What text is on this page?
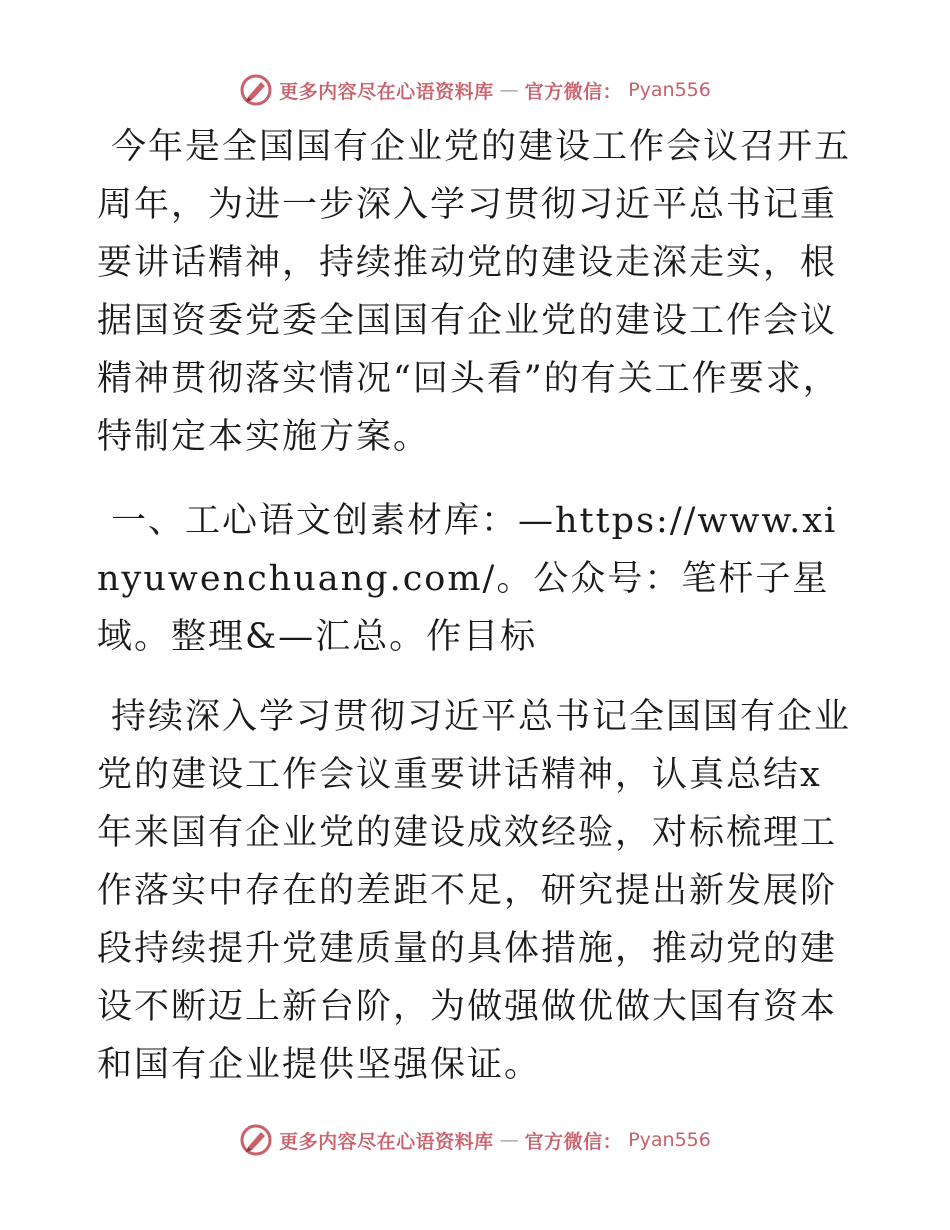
更多内容尽在心语资料库 — 官方微信： Pyan556

今年是全国国有企业党的建设工作会议召开五周年，为进一步深入学习贯彻习近平总书记重要讲话精神，持续推动党的建设走深走实，根据国资委党委全国国有企业党的建设工作会议精神贯彻落实情况“回头看”的有关工作要求，特制定本实施方案。

一、工心语文创素材库：—https://www.xinyuwenchuang.com/。公众号：笔杆子星域。整理&—汇总。作目标

持续深入学习贯彻习近平总书记全国国有企业党的建设工作会议重要讲话精神，认真总结x年来国有企业党的建设成效经验，对标梳理工作落实中存在的差距不足，研究提出新发展阶段持续提升党建质量的具体措施，推动党的建设不断迈上新台阶，为做强做优做大国有资本和国有企业提供坚强保证。

更多内容尽在心语资料库 — 官方微信： Pyan556
